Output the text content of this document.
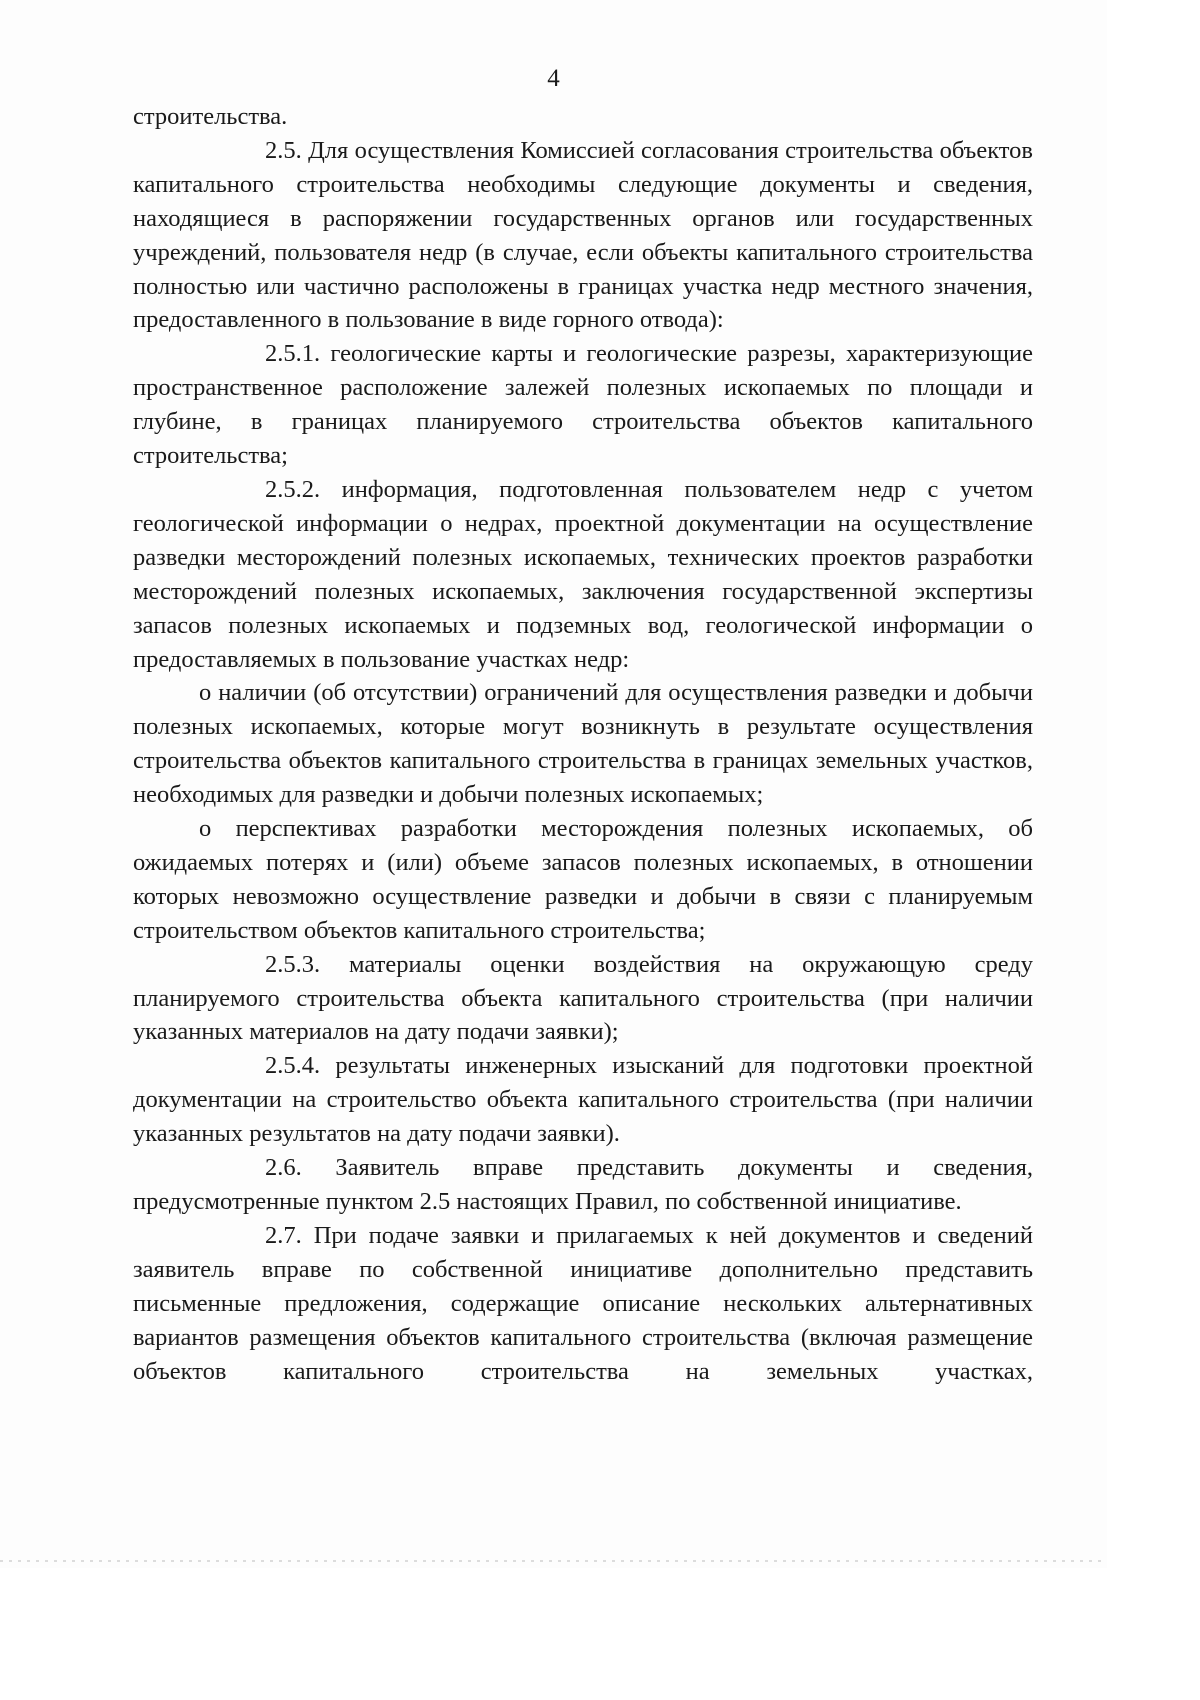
4

строительства.

2.5. Для осуществления Комиссией согласования строительства объектов капитального строительства необходимы следующие документы и сведения, находящиеся в распоряжении государственных органов или государственных учреждений, пользователя недр (в случае, если объекты капитального строительства полностью или частично расположены в границах участка недр местного значения, предоставленного в пользование в виде горного отвода):

2.5.1. геологические карты и геологические разрезы, характеризующие пространственное расположение залежей полезных ископаемых по площади и глубине, в границах планируемого строительства объектов капитального строительства;

2.5.2. информация, подготовленная пользователем недр с учетом геологической информации о недрах, проектной документации на осуществление разведки месторождений полезных ископаемых, технических проектов разработки месторождений полезных ископаемых, заключения государственной экспертизы запасов полезных ископаемых и подземных вод, геологической информации о предоставляемых в пользование участках недр:

о наличии (об отсутствии) ограничений для осуществления разведки и добычи полезных ископаемых, которые могут возникнуть в результате осуществления строительства объектов капитального строительства в границах земельных участков, необходимых для разведки и добычи полезных ископаемых;

о перспективах разработки месторождения полезных ископаемых, об ожидаемых потерях и (или) объеме запасов полезных ископаемых, в отношении которых невозможно осуществление разведки и добычи в связи с планируемым строительством объектов капитального строительства;

2.5.3. материалы оценки воздействия на окружающую среду планируемого строительства объекта капитального строительства (при наличии указанных материалов на дату подачи заявки);

2.5.4. результаты инженерных изысканий для подготовки проектной документации на строительство объекта капитального строительства (при наличии указанных результатов на дату подачи заявки).

2.6. Заявитель вправе представить документы и сведения, предусмотренные пунктом 2.5 настоящих Правил, по собственной инициативе.

2.7. При подаче заявки и прилагаемых к ней документов и сведений заявитель вправе по собственной инициативе дополнительно представить письменные предложения, содержащие описание нескольких альтернативных вариантов размещения объектов капитального строительства (включая размещение объектов капитального строительства на земельных участках,
